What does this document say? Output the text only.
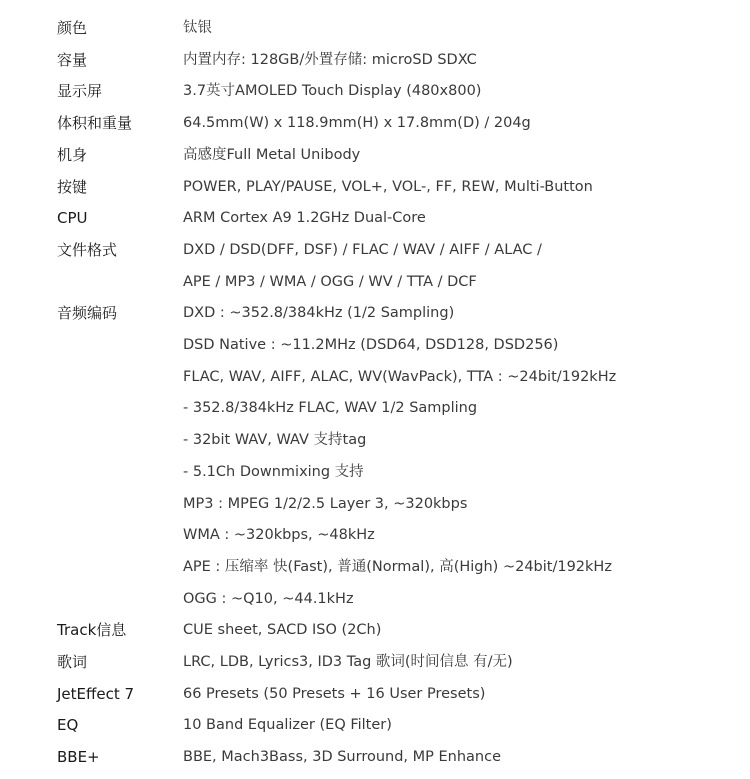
颜色	钛银
容量	内置内存: 128GB/外置存储: microSD SDXC
显示屏	3.7英寸AMOLED Touch Display (480x800)
体积和重量	64.5mm(W) x 118.9mm(H) x 17.8mm(D) / 204g
机身	高感度Full Metal Unibody
按键	POWER, PLAY/PAUSE, VOL+, VOL-, FF, REW, Multi-Button
CPU	ARM Cortex A9 1.2GHz Dual-Core
文件格式	DXD / DSD(DFF, DSF) / FLAC / WAV / AIFF / ALAC /
APE / MP3 / WMA / OGG / WV / TTA / DCF
音频编码	DXD : ~352.8/384kHz (1/2 Sampling)
DSD Native : ~11.2MHz (DSD64, DSD128, DSD256)
FLAC, WAV, AIFF, ALAC, WV(WavPack), TTA : ~24bit/192kHz
- 352.8/384kHz FLAC, WAV 1/2 Sampling
- 32bit WAV, WAV 支持tag
- 5.1Ch Downmixing 支持
MP3 : MPEG 1/2/2.5 Layer 3, ~320kbps
WMA : ~320kbps, ~48kHz
APE : 压缩率 快(Fast), 普通(Normal), 高(High) ~24bit/192kHz
OGG : ~Q10, ~44.1kHz
Track信息	CUE sheet, SACD ISO (2Ch)
歌词	LRC, LDB, Lyrics3, ID3 Tag 歌词(时间信息 有/无)
JetEffect 7	66 Presets (50 Presets + 16 User Presets)
EQ	10 Band Equalizer (EQ Filter)
BBE+	BBE, Mach3Bass, 3D Surround, MP Enhance
